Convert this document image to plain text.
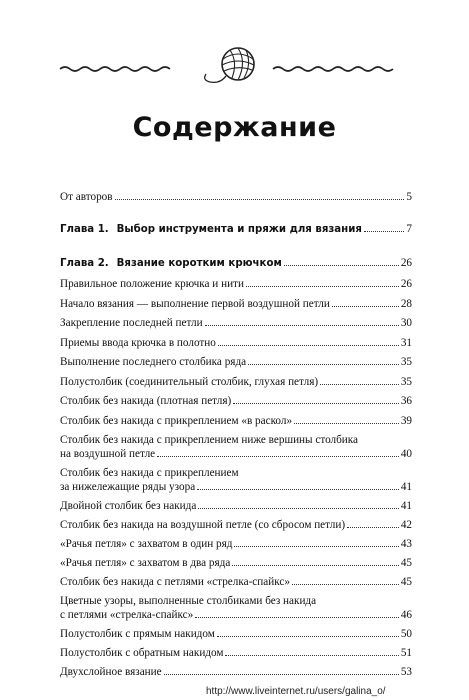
Содержание
От авторов	5
Глава 1. Выбор инструмента и пряжи для вязания	7
Глава 2. Вязание коротким крючком	26
Правильное положение крючка и нити	26
Начало вязания — выполнение первой воздушной петли	28
Закрепление последней петли	30
Приемы ввода крючка в полотно	31
Выполнение последнего столбика ряда	35
Полустолбик (соединительный столбик, глухая петля)	35
Столбик без накида (плотная петля)	36
Столбик без накида с прикреплением «в раскол»	39
Столбик без накида с прикреплением ниже вершины столбика
на воздушной петле	40
Столбик без накида с прикреплением
за нижележащие ряды узора	41
Двойной столбик без накида	41
Столбик без накида на воздушной петле (со сбросом петли)	42
«Рачья петля» с захватом в один ряд	43
«Рачья петля» с захватом в два ряда	45
Столбик без накида с петлями «стрелка-спайкс»	45
Цветные узоры, выполненные столбиками без накида
с петлями «стрелка-спайкс»	46
Полустолбик с прямым накидом	50
Полустолбик с обратным накидом	51
Двухслойное вязание	53
http://www.liveinternet.ru/users/galina_o/
